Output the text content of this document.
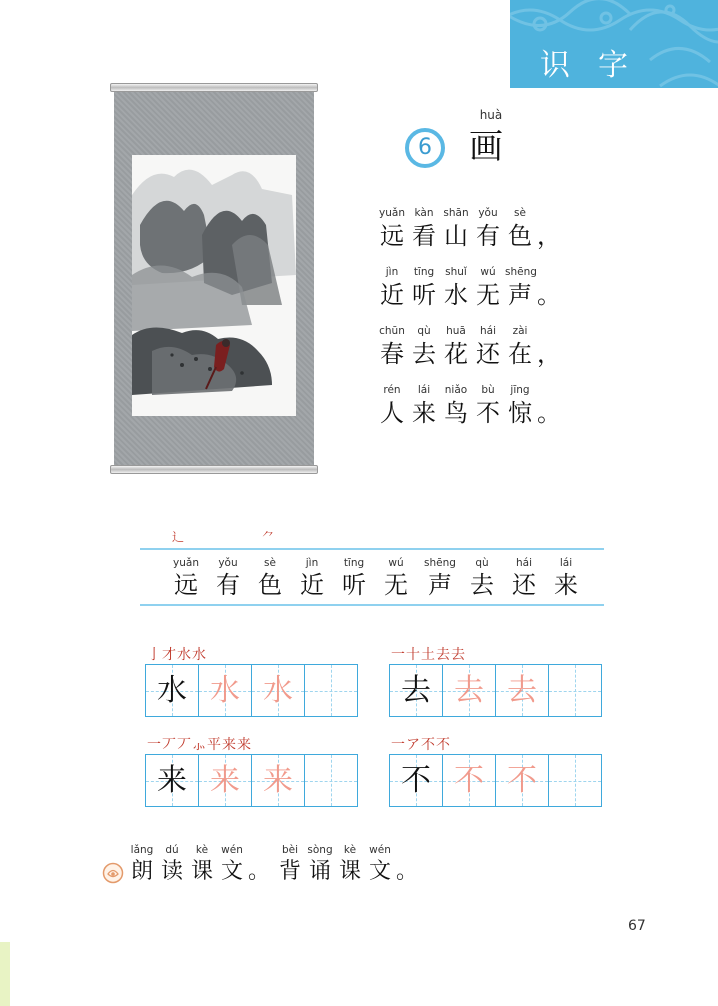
识字
6
huà
画
yuǎn
远
kàn
看
shān
山
yǒu
有
sè
色 ，
jìn
近
tīng
听
shuǐ
水
wú
无
shēng
声 。
chūn
春
qù
去
huā
花
hái
还
zài
在 ，
rén
人
lái
来
niǎo
鸟
bù
不
jīng
惊 。
辶	⺈
yuǎn
远
yǒu
有
sè
色
jìn
近
tīng
听
wú
无
shēng
声
qù
去
hái
还
lái
来
亅才水水
水 水 水
一十土去去
去 去 去
一丆丆⺗平来来
来 来 来
一ア不不
不 不 不
lǎng
朗
dú
读
kè
课
wén
文 。
bèi
背
sòng
诵
kè
课
wén
文 。
67
